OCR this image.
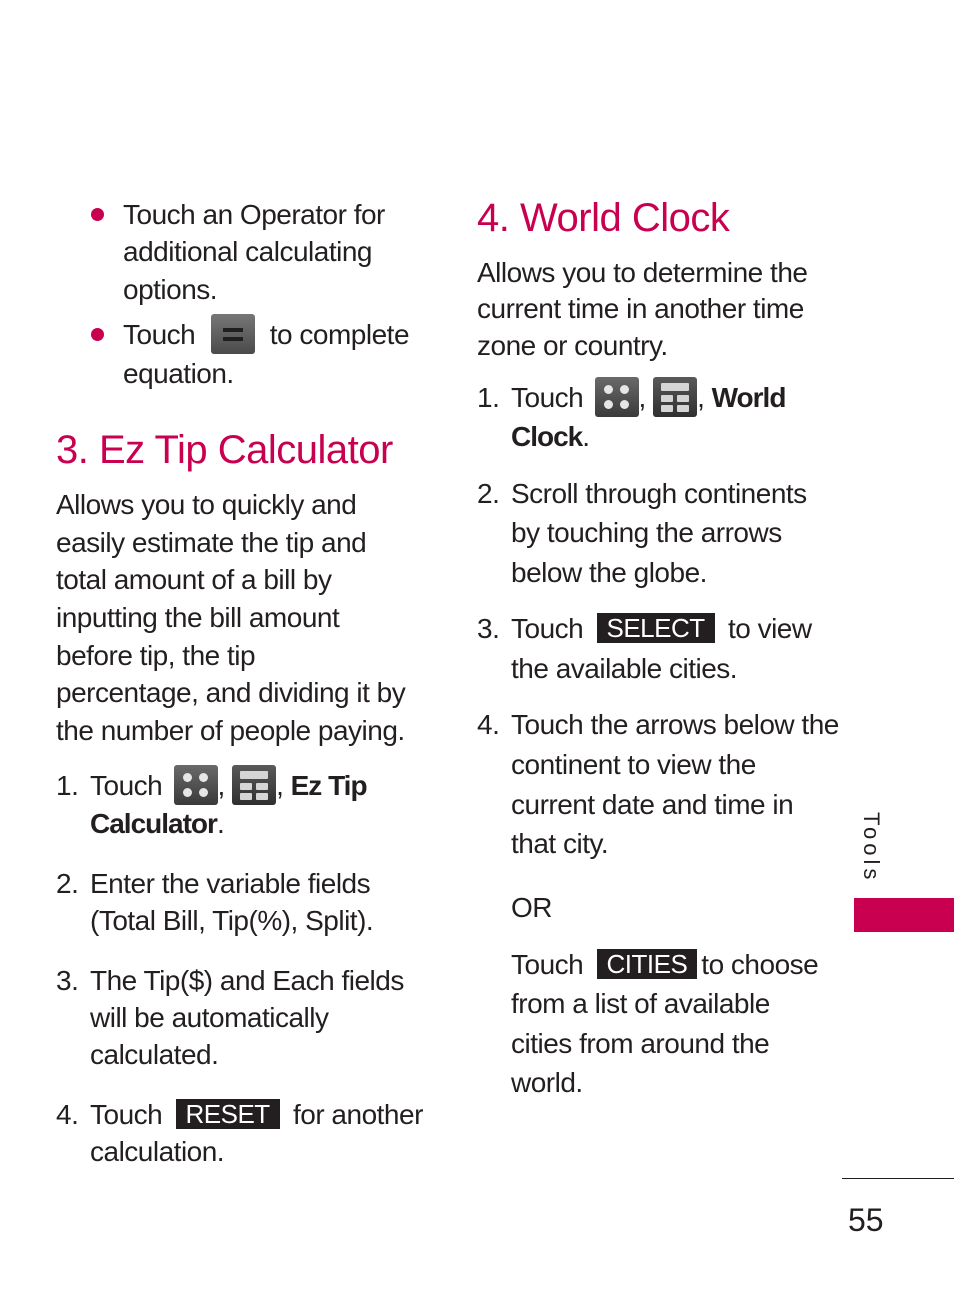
Touch an Operator for
additional calculating
options.
Touch	to complete
equation.
3. Ez Tip Calculator
Allows you to quickly and
easily estimate the tip and
total amount of a bill by
inputting the bill amount
before tip, the tip
percentage, and dividing it by
the number of people paying.
1. Touch , , Ez Tip
Calculator.
2. Enter the variable fields
(Total Bill, Tip(%), Split).
3. The Tip($) and Each fields
will be automatically
calculated.
4. Touch RESET for another
calculation.
4. World Clock
Allows you to determine the
current time in another time
zone or country.
1. Touch , , World
Clock.
2. Scroll through continents
by touching the arrows
below the globe.
3. Touch SELECT to view
the available cities.
4. Touch the arrows below the
continent to view the
current date and time in
that city.
OR
Touch CITIES to choose
from a list of available
cities from around the
world.
Tools
55
